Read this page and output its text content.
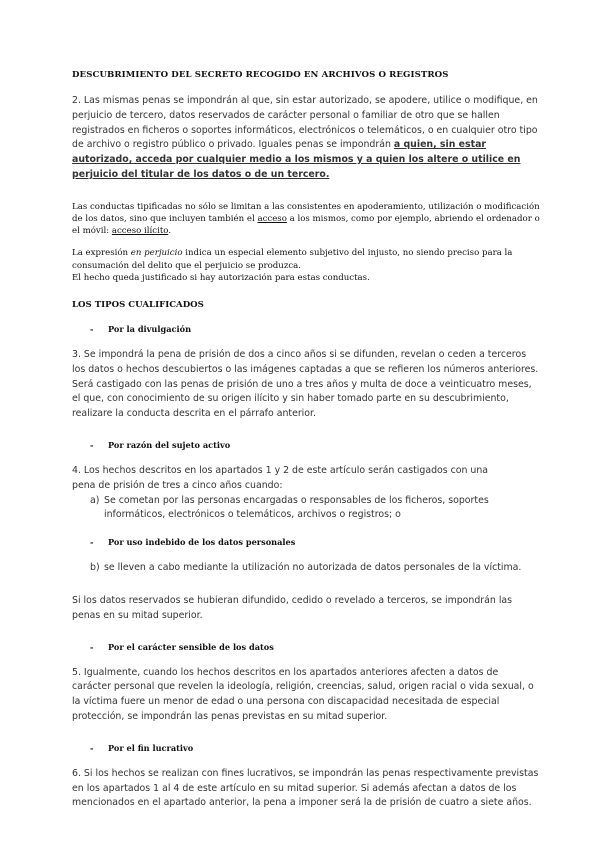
DESCUBRIMIENTO DEL SECRETO RECOGIDO EN ARCHIVOS O REGISTROS

2. Las mismas penas se impondrán al que, sin estar autorizado, se apodere, utilice o modifique, en perjuicio de tercero, datos reservados de carácter personal o familiar de otro que se hallen registrados en ficheros o soportes informáticos, electrónicos o telemáticos, o en cualquier otro tipo de archivo o registro público o privado. Iguales penas se impondrán a quien, sin estar autorizado, acceda por cualquier medio a los mismos y a quien los altere o utilice en perjuicio del titular de los datos o de un tercero.

Las conductas tipificadas no sólo se limitan a las consistentes en apoderamiento, utilización o modificación de los datos, sino que incluyen también el acceso a los mismos, como por ejemplo, abriendo el ordenador o el móvil: acceso ilícito.

La expresión en perjuicio indica un especial elemento subjetivo del injusto, no siendo preciso para la consumación del delito que el perjuicio se produzca.

El hecho queda justificado si hay autorización para estas conductas.

LOS TIPOS CUALIFICADOS

- Por la divulgación

3. Se impondrá la pena de prisión de dos a cinco años si se difunden, revelan o ceden a terceros los datos o hechos descubiertos o las imágenes captadas a que se refieren los números anteriores. Será castigado con las penas de prisión de uno a tres años y multa de doce a veinticuatro meses, el que, con conocimiento de su origen ilícito y sin haber tomado parte en su descubrimiento, realizare la conducta descrita en el párrafo anterior.

- Por razón del sujeto activo

4. Los hechos descritos en los apartados 1 y 2 de este artículo serán castigados con una

pena de prisión de tres a cinco años cuando:

a) Se cometan por las personas encargadas o responsables de los ficheros, soportes informáticos, electrónicos o telemáticos, archivos o registros; o

- Por uso indebido de los datos personales

b) se lleven a cabo mediante la utilización no autorizada de datos personales de la víctima.

Si los datos reservados se hubieran difundido, cedido o revelado a terceros, se impondrán las penas en su mitad superior.

- Por el carácter sensible de los datos

5. Igualmente, cuando los hechos descritos en los apartados anteriores afecten a datos de carácter personal que revelen la ideología, religión, creencias, salud, origen racial o vida sexual, o la víctima fuere un menor de edad o una persona con discapacidad necesitada de especial protección, se impondrán las penas previstas en su mitad superior.

- Por el fin lucrativo

6. Si los hechos se realizan con fines lucrativos, se impondrán las penas respectivamente previstas en los apartados 1 al 4 de este artículo en su mitad superior. Si además afectan a datos de los mencionados en el apartado anterior, la pena a imponer será la de prisión de cuatro a siete años.
